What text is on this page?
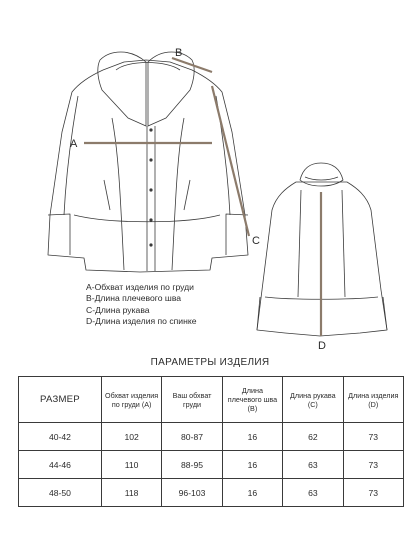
A
B
C
D
A-Обхват изделия по груди
B-Длина плечевого шва
C-Длина рукава
D-Длина изделия по спинке
ПАРАМЕТРЫ ИЗДЕЛИЯ
РАЗМЕР	Обхват изделия по груди (А)	Ваш обхват груди	Длина плечевого шва (B)	Длина рукава (С)	Длина изделия (D)
40-42	102	80-87	16	62	73
44-46	110	88-95	16	63	73
48-50	118	96-103	16	63	73
